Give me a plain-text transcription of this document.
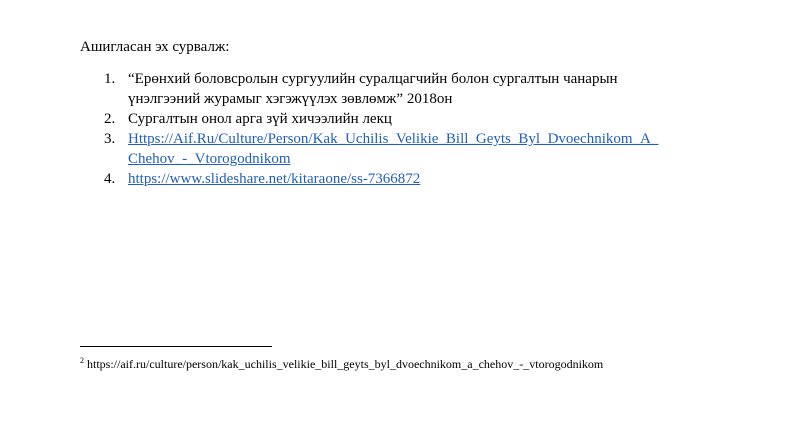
Ашигласан эх сурвалж:
1. “Ерөнхий боловсролын сургуулийн суралцагчийн болон сургалтын чанарын
үнэлгээний журамыг хэгэжүүлэх зөвлөмж” 2018он
2. Сургалтын онол арга зүй хичээлийн лекц
3. Https://Aif.Ru/Culture/Person/Kak_Uchilis_Velikie_Bill_Geyts_Byl_Dvoechnikom_A_
Chehov_-_Vtorogodnikom
4. https://www.slideshare.net/kitaraone/ss-7366872
$^2$ https://aif.ru/culture/person/kak_uchilis_velikie_bill_geyts_byl_dvoechnikom_a_chehov_-_vtorogodnikom
